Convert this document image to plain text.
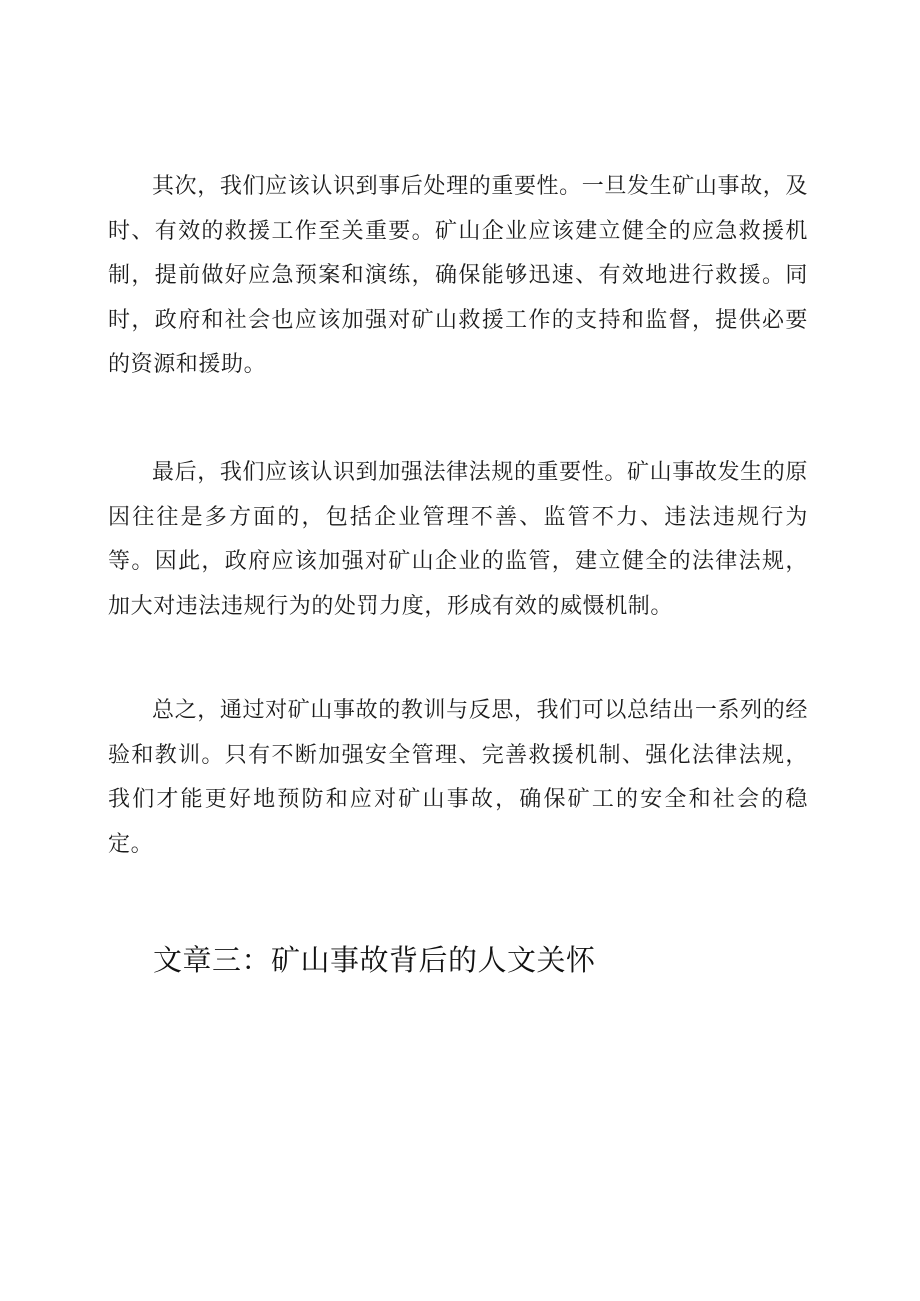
其次，我们应该认识到事后处理的重要性。一旦发生矿山事故，及时、有效的救援工作至关重要。矿山企业应该建立健全的应急救援机制，提前做好应急预案和演练，确保能够迅速、有效地进行救援。同时，政府和社会也应该加强对矿山救援工作的支持和监督，提供必要的资源和援助。

最后，我们应该认识到加强法律法规的重要性。矿山事故发生的原因往往是多方面的，包括企业管理不善、监管不力、违法违规行为等。因此，政府应该加强对矿山企业的监管，建立健全的法律法规，加大对违法违规行为的处罚力度，形成有效的威慑机制。

总之，通过对矿山事故的教训与反思，我们可以总结出一系列的经验和教训。只有不断加强安全管理、完善救援机制、强化法律法规，我们才能更好地预防和应对矿山事故，确保矿工的安全和社会的稳定。

文章三：矿山事故背后的人文关怀
